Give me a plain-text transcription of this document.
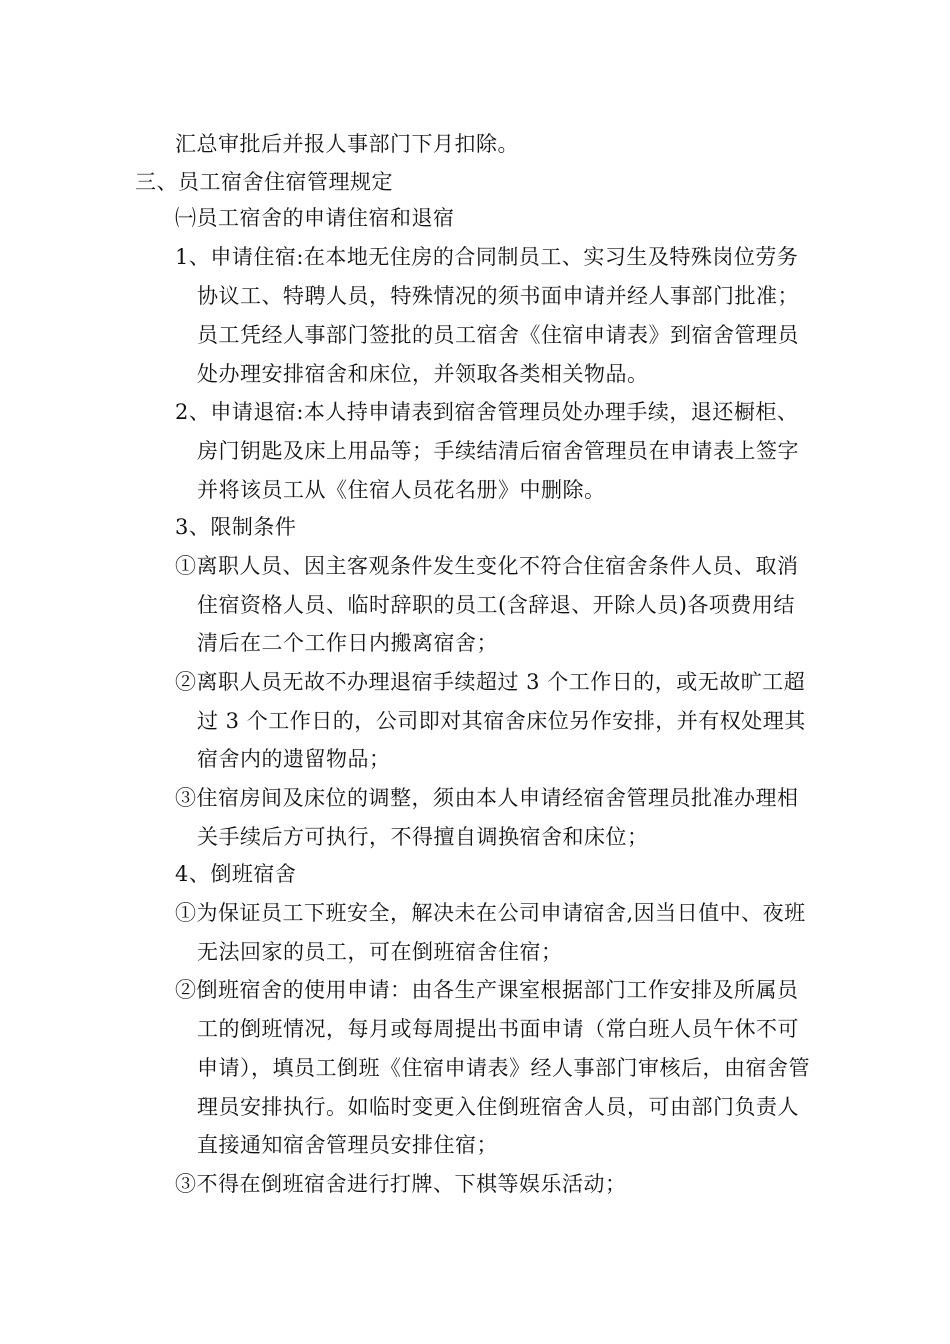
汇总审批后并报人事部门下月扣除。
三、员工宿舍住宿管理规定
㈠员工宿舍的申请住宿和退宿
1、申请住宿:在本地无住房的合同制员工、实习生及特殊岗位劳务
协议工、特聘人员，特殊情况的须书面申请并经人事部门批准；
员工凭经人事部门签批的员工宿舍《住宿申请表》到宿舍管理员
处办理安排宿舍和床位，并领取各类相关物品。
2、申请退宿:本人持申请表到宿舍管理员处办理手续，退还橱柜、
房门钥匙及床上用品等；手续结清后宿舍管理员在申请表上签字
并将该员工从《住宿人员花名册》中删除。
3、限制条件
①离职人员、因主客观条件发生变化不符合住宿舍条件人员、取消
住宿资格人员、临时辞职的员工(含辞退、开除人员)各项费用结
清后在二个工作日内搬离宿舍；
②离职人员无故不办理退宿手续超过 3 个工作日的，或无故旷工超
过 3 个工作日的，公司即对其宿舍床位另作安排，并有权处理其
宿舍内的遗留物品；
③住宿房间及床位的调整，须由本人申请经宿舍管理员批准办理相
关手续后方可执行，不得擅自调换宿舍和床位；
4、倒班宿舍
①为保证员工下班安全，解决未在公司申请宿舍,因当日值中、夜班
无法回家的员工，可在倒班宿舍住宿；
②倒班宿舍的使用申请：由各生产课室根据部门工作安排及所属员
工的倒班情况，每月或每周提出书面申请（常白班人员午休不可
申请），填员工倒班《住宿申请表》经人事部门审核后，由宿舍管
理员安排执行。如临时变更入住倒班宿舍人员，可由部门负责人
直接通知宿舍管理员安排住宿；
③不得在倒班宿舍进行打牌、下棋等娱乐活动；
